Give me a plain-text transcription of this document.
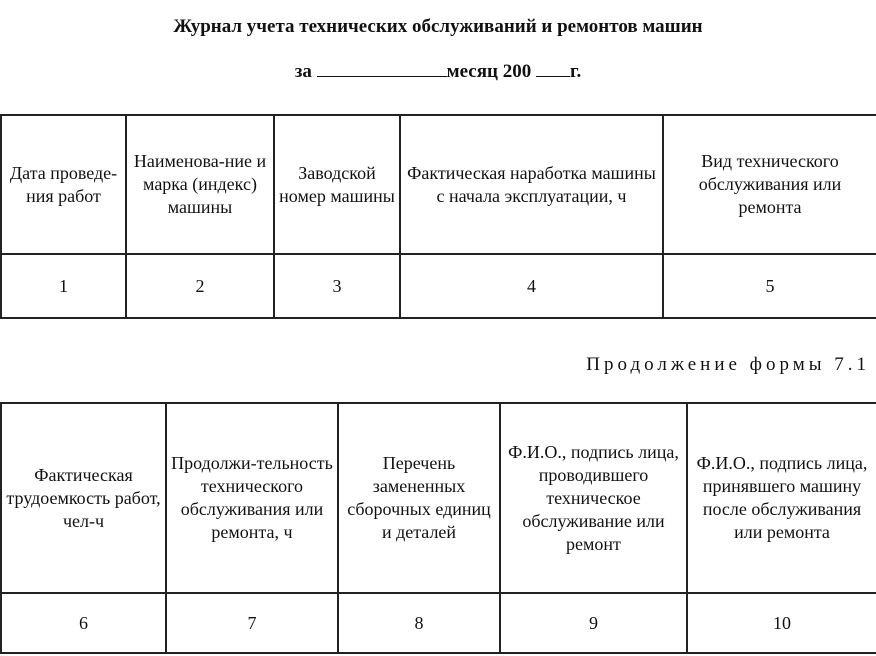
Журнал учета технических обслуживаний и ремонтов машин
за	месяц 200 г.
Дата проведе-ния работ	Наименова-ние и марка (индекс) машины	Заводской номер машины	Фактическая наработка машины с начала эксплуатации, ч	Вид технического обслуживания или ремонта
1	2	3	4	5
Продолжение формы 7.1
Фактическая трудоемкость работ, чел-ч	Продолжи-тельность технического обслуживания или ремонта, ч	Перечень замененных сборочных единиц и деталей	Ф.И.О., подпись лица, проводившего техническое обслуживание или ремонт	Ф.И.О., подпись лица, принявшего машину после обслуживания или ремонта
6	7	8	9	10
